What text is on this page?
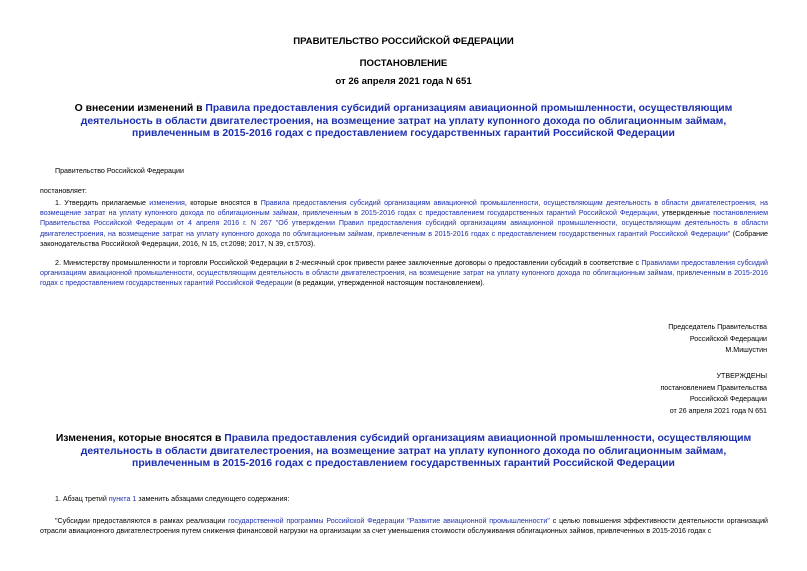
ПРАВИТЕЛЬСТВО РОССИЙСКОЙ ФЕДЕРАЦИИ
ПОСТАНОВЛЕНИЕ
от 26 апреля 2021 года N 651
О внесении изменений в Правила предоставления субсидий организациям авиационной промышленности, осуществляющим деятельность в области двигателестроения, на возмещение затрат на уплату купонного дохода по облигационным займам, привлеченным в 2015-2016 годах с предоставлением государственных гарантий Российской Федерации
Правительство Российской Федерации
постановляет:
1. Утвердить прилагаемые изменения, которые вносятся в Правила предоставления субсидий организациям авиационной промышленности, осуществляющим деятельность в области двигателестроения, на возмещение затрат на уплату купонного дохода по облигационным займам, привлеченным в 2015-2016 годах с предоставлением государственных гарантий Российской Федерации, утвержденные постановлением Правительства Российской Федерации от 4 апреля 2016 г. N 267 "Об утверждении Правил предоставления субсидий организациям авиационной промышленности, осуществляющим деятельность в области двигателестроения, на возмещение затрат на уплату купонного дохода по облигационным займам, привлеченным в 2015-2016 годах с предоставлением государственных гарантий Российской Федерации" (Собрание законодательства Российской Федерации, 2016, N 15, ст.2098; 2017, N 39, ст.5703).
2. Министерству промышленности и торговли Российской Федерации в 2-месячный срок привести ранее заключенные договоры о предоставлении субсидий в соответствие с Правилами предоставления субсидий организациям авиационной промышленности, осуществляющим деятельность в области двигателестроения, на возмещение затрат на уплату купонного дохода по облигационным займам, привлеченным в 2015-2016 годах с предоставлением государственных гарантий Российской Федерации (в редакции, утвержденной настоящим постановлением).
Председатель Правительства
Российской Федерации
М.Мишустин
УТВЕРЖДЕНЫ
постановлением Правительства
Российской Федерации
от 26 апреля 2021 года N 651
Изменения, которые вносятся в Правила предоставления субсидий организациям авиационной промышленности, осуществляющим деятельность в области двигателестроения, на возмещение затрат на уплату купонного дохода по облигационным займам, привлеченным в 2015-2016 годах с предоставлением государственных гарантий Российской Федерации
1. Абзац третий пункта 1 заменить абзацами следующего содержания:
"Субсидии предоставляются в рамках реализации государственной программы Российской Федерации "Развитие авиационной промышленности" с целью повышения эффективности деятельности организаций отрасли авиационного двигателестроения путем снижения финансовой нагрузки на организации за счет уменьшения стоимости обслуживания облигационных займов, привлеченных в 2015-2016 годах с
